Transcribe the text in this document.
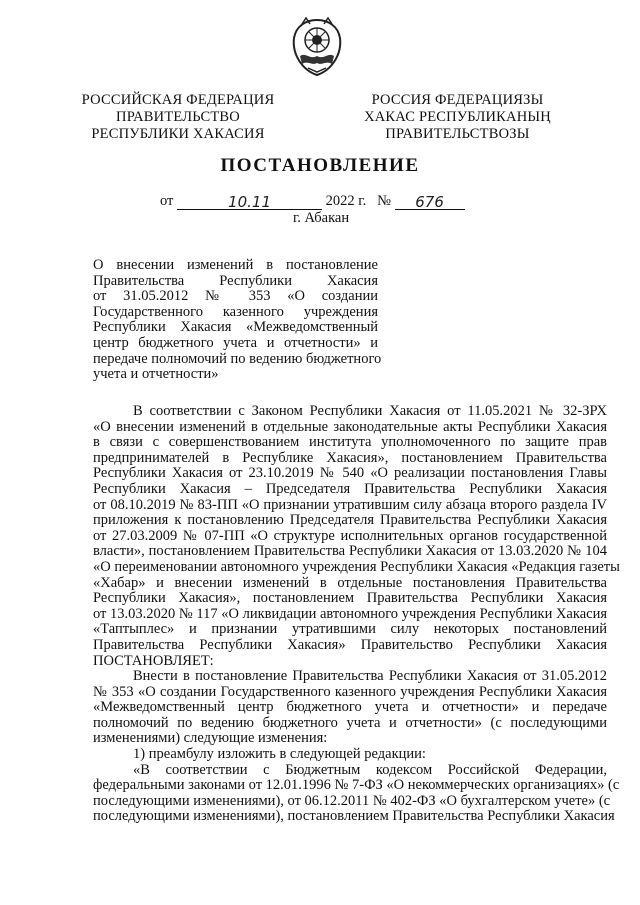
РОССИЙСКАЯ ФЕДЕРАЦИЯ
ПРАВИТЕЛЬСТВО
РЕСПУБЛИКИ ХАКАСИЯ
РОССИЯ ФЕДЕРАЦИЯЗЫ
ХАКАС РЕСПУБЛИКАНЫҢ
ПРАВИТЕЛЬСТВОЗЫ
ПОСТАНОВЛЕНИЕ
от	10.11	2022 г. № 676
г. Абакан
О внесении изменений в постановление
Правительства Республики Хакасия
от 31.05.2012 № 353 «О создании
Государственного казенного учреждения
Республики Хакасия «Межведомственный
центр бюджетного учета и отчетности» и
передаче полномочий по ведению бюджетного
учета и отчетности»
В соответствии с Законом Республики Хакасия от 11.05.2021 № 32-ЗРХ
«О внесении изменений в отдельные законодательные акты Республики Хакасия
в связи с совершенствованием института уполномоченного по защите прав
предпринимателей в Республике Хакасия», постановлением Правительства
Республики Хакасия от 23.10.2019 № 540 «О реализации постановления Главы
Республики Хакасия – Председателя Правительства Республики Хакасия
от 08.10.2019 № 83-ПП «О признании утратившим силу абзаца второго раздела IV
приложения к постановлению Председателя Правительства Республики Хакасия
от 27.03.2009 № 07-ПП «О структуре исполнительных органов государственной
власти», постановлением Правительства Республики Хакасия от 13.03.2020 № 104
«О переименовании автономного учреждения Республики Хакасия «Редакция газеты
«Хабар» и внесении изменений в отдельные постановления Правительства
Республики Хакасия», постановлением Правительства Республики Хакасия
от 13.03.2020 № 117 «О ликвидации автономного учреждения Республики Хакасия
«Таптыплес» и признании утратившими силу некоторых постановлений
Правительства Республики Хакасия» Правительство Республики Хакасия
ПОСТАНОВЛЯЕТ:
Внести в постановление Правительства Республики Хакасия от 31.05.2012
№ 353 «О создании Государственного казенного учреждения Республики Хакасия
«Межведомственный центр бюджетного учета и отчетности» и передаче
полномочий по ведению бюджетного учета и отчетности» (с последующими
изменениями) следующие изменения:
1) преамбулу изложить в следующей редакции:
«В соответствии с Бюджетным кодексом Российской Федерации,
федеральными законами от 12.01.1996 № 7-ФЗ «О некоммерческих организациях» (с
последующими изменениями), от 06.12.2011 № 402-ФЗ «О бухгалтерском учете» (с
последующими изменениями), постановлением Правительства Республики Хакасия
